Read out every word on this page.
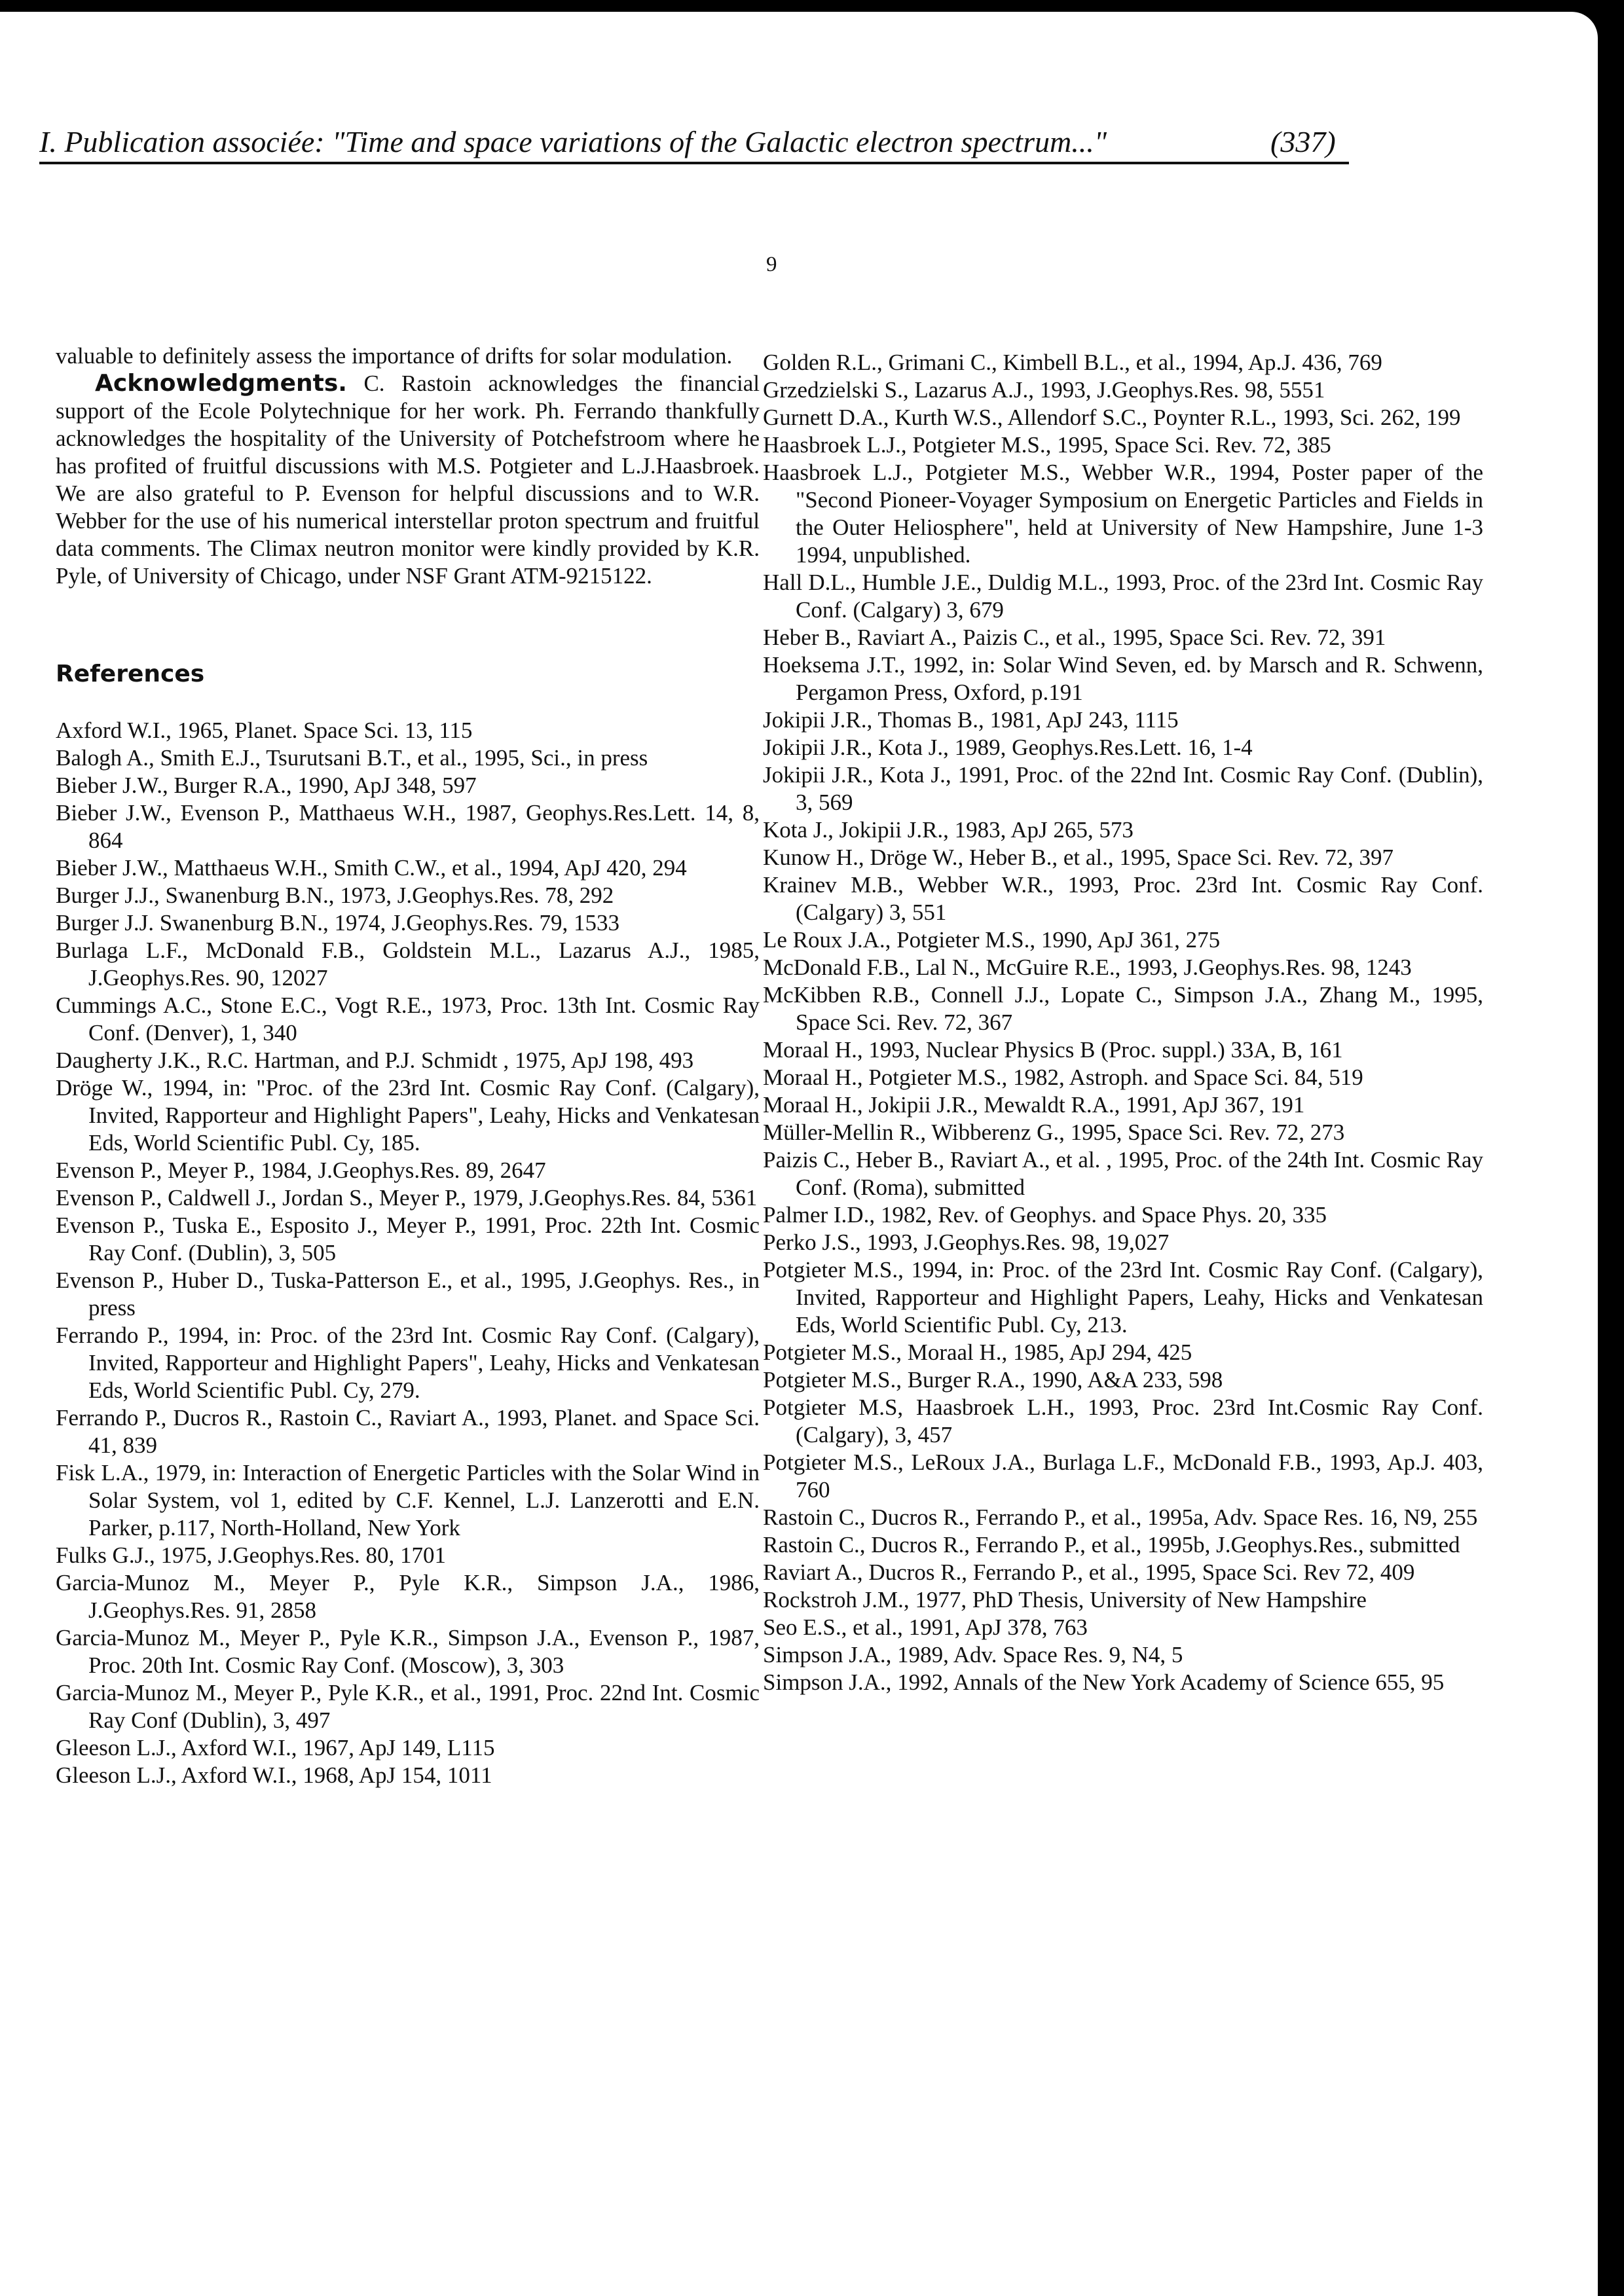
I. Publication associée: "Time and space variations of the Galactic electron spectrum..."	(337)
9

valuable to definitely assess the importance of drifts for solar modulation.

Acknowledgments. C. Rastoin acknowledges the financial support of the Ecole Polytechnique for her work. Ph. Ferrando thankfully acknowledges the hospitality of the University of Potchefstroom where he has profited of fruitful discussions with M.S. Potgieter and L.J.Haasbroek. We are also grateful to P. Evenson for helpful discussions and to W.R. Webber for the use of his numerical interstellar proton spectrum and fruitful data comments. The Climax neutron monitor were kindly provided by K.R. Pyle, of University of Chicago, under NSF Grant ATM-9215122.

References

Axford W.I., 1965, Planet. Space Sci. 13, 115

Balogh A., Smith E.J., Tsurutsani B.T., et al., 1995, Sci., in press

Bieber J.W., Burger R.A., 1990, ApJ 348, 597

Bieber J.W., Evenson P., Matthaeus W.H., 1987, Geophys.Res.Lett. 14, 8, 864

Bieber J.W., Matthaeus W.H., Smith C.W., et al., 1994, ApJ 420, 294

Burger J.J., Swanenburg B.N., 1973, J.Geophys.Res. 78, 292

Burger J.J. Swanenburg B.N., 1974, J.Geophys.Res. 79, 1533

Burlaga L.F., McDonald F.B., Goldstein M.L., Lazarus A.J., 1985, J.Geophys.Res. 90, 12027

Cummings A.C., Stone E.C., Vogt R.E., 1973, Proc. 13th Int. Cosmic Ray Conf. (Denver), 1, 340

Daugherty J.K., R.C. Hartman, and P.J. Schmidt , 1975, ApJ 198, 493

Dröge W., 1994, in: "Proc. of the 23rd Int. Cosmic Ray Conf. (Calgary), Invited, Rapporteur and Highlight Papers", Leahy, Hicks and Venkatesan Eds, World Scientific Publ. Cy, 185.

Evenson P., Meyer P., 1984, J.Geophys.Res. 89, 2647

Evenson P., Caldwell J., Jordan S., Meyer P., 1979, J.Geophys.Res. 84, 5361

Evenson P., Tuska E., Esposito J., Meyer P., 1991, Proc. 22th Int. Cosmic Ray Conf. (Dublin), 3, 505

Evenson P., Huber D., Tuska-Patterson E., et al., 1995, J.Geophys. Res., in press

Ferrando P., 1994, in: Proc. of the 23rd Int. Cosmic Ray Conf. (Calgary), Invited, Rapporteur and Highlight Papers", Leahy, Hicks and Venkatesan Eds, World Scientific Publ. Cy, 279.

Ferrando P., Ducros R., Rastoin C., Raviart A., 1993, Planet. and Space Sci. 41, 839

Fisk L.A., 1979, in: Interaction of Energetic Particles with the Solar Wind in Solar System, vol 1, edited by C.F. Kennel, L.J. Lanzerotti and E.N. Parker, p.117, North-Holland, New York

Fulks G.J., 1975, J.Geophys.Res. 80, 1701

Garcia-Munoz M., Meyer P., Pyle K.R., Simpson J.A., 1986, J.Geophys.Res. 91, 2858

Garcia-Munoz M., Meyer P., Pyle K.R., Simpson J.A., Evenson P., 1987, Proc. 20th Int. Cosmic Ray Conf. (Moscow), 3, 303

Garcia-Munoz M., Meyer P., Pyle K.R., et al., 1991, Proc. 22nd Int. Cosmic Ray Conf (Dublin), 3, 497

Gleeson L.J., Axford W.I., 1967, ApJ 149, L115

Gleeson L.J., Axford W.I., 1968, ApJ 154, 1011

Golden R.L., Grimani C., Kimbell B.L., et al., 1994, Ap.J. 436, 769

Grzedzielski S., Lazarus A.J., 1993, J.Geophys.Res. 98, 5551

Gurnett D.A., Kurth W.S., Allendorf S.C., Poynter R.L., 1993, Sci. 262, 199

Haasbroek L.J., Potgieter M.S., 1995, Space Sci. Rev. 72, 385

Haasbroek L.J., Potgieter M.S., Webber W.R., 1994, Poster paper of the "Second Pioneer-Voyager Symposium on Energetic Particles and Fields in the Outer Heliosphere", held at University of New Hampshire, June 1-3 1994, unpublished.

Hall D.L., Humble J.E., Duldig M.L., 1993, Proc. of the 23rd Int. Cosmic Ray Conf. (Calgary) 3, 679

Heber B., Raviart A., Paizis C., et al., 1995, Space Sci. Rev. 72, 391

Hoeksema J.T., 1992, in: Solar Wind Seven, ed. by Marsch and R. Schwenn, Pergamon Press, Oxford, p.191

Jokipii J.R., Thomas B., 1981, ApJ 243, 1115

Jokipii J.R., Kota J., 1989, Geophys.Res.Lett. 16, 1-4

Jokipii J.R., Kota J., 1991, Proc. of the 22nd Int. Cosmic Ray Conf. (Dublin), 3, 569

Kota J., Jokipii J.R., 1983, ApJ 265, 573

Kunow H., Dröge W., Heber B., et al., 1995, Space Sci. Rev. 72, 397

Krainev M.B., Webber W.R., 1993, Proc. 23rd Int. Cosmic Ray Conf. (Calgary) 3, 551

Le Roux J.A., Potgieter M.S., 1990, ApJ 361, 275

McDonald F.B., Lal N., McGuire R.E., 1993, J.Geophys.Res. 98, 1243

McKibben R.B., Connell J.J., Lopate C., Simpson J.A., Zhang M., 1995, Space Sci. Rev. 72, 367

Moraal H., 1993, Nuclear Physics B (Proc. suppl.) 33A, B, 161

Moraal H., Potgieter M.S., 1982, Astroph. and Space Sci. 84, 519

Moraal H., Jokipii J.R., Mewaldt R.A., 1991, ApJ 367, 191

Müller-Mellin R., Wibberenz G., 1995, Space Sci. Rev. 72, 273

Paizis C., Heber B., Raviart A., et al. , 1995, Proc. of the 24th Int. Cosmic Ray Conf. (Roma), submitted

Palmer I.D., 1982, Rev. of Geophys. and Space Phys. 20, 335

Perko J.S., 1993, J.Geophys.Res. 98, 19,027

Potgieter M.S., 1994, in: Proc. of the 23rd Int. Cosmic Ray Conf. (Calgary), Invited, Rapporteur and Highlight Papers, Leahy, Hicks and Venkatesan Eds, World Scientific Publ. Cy, 213.

Potgieter M.S., Moraal H., 1985, ApJ 294, 425

Potgieter M.S., Burger R.A., 1990, A&A 233, 598

Potgieter M.S, Haasbroek L.H., 1993, Proc. 23rd Int.Cosmic Ray Conf. (Calgary), 3, 457

Potgieter M.S., LeRoux J.A., Burlaga L.F., McDonald F.B., 1993, Ap.J. 403, 760

Rastoin C., Ducros R., Ferrando P., et al., 1995a, Adv. Space Res. 16, N9, 255

Rastoin C., Ducros R., Ferrando P., et al., 1995b, J.Geophys.Res., submitted

Raviart A., Ducros R., Ferrando P., et al., 1995, Space Sci. Rev 72, 409

Rockstroh J.M., 1977, PhD Thesis, University of New Hampshire

Seo E.S., et al., 1991, ApJ 378, 763

Simpson J.A., 1989, Adv. Space Res. 9, N4, 5

Simpson J.A., 1992, Annals of the New York Academy of Science 655, 95
